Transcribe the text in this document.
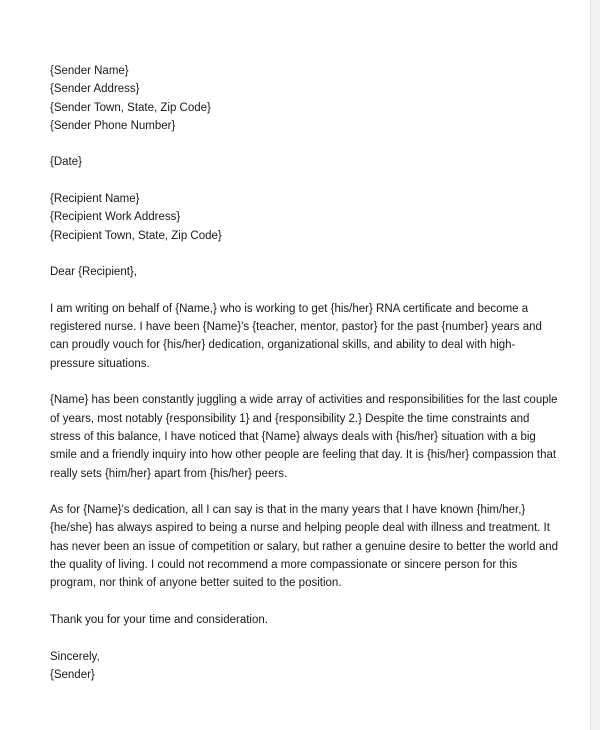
{Sender Name}

{Sender Address}

{Sender Town, State, Zip Code}

{Sender Phone Number}

{Date}

{Recipient Name}

{Recipient Work Address}

{Recipient Town, State, Zip Code}

Dear {Recipient},

I am writing on behalf of {Name,} who is working to get {his/her} RNA certificate and become a registered nurse. I have been {Name}'s {teacher, mentor, pastor} for the past {number} years and can proudly vouch for {his/her} dedication, organizational skills, and ability to deal with high-pressure situations.

{Name} has been constantly juggling a wide array of activities and responsibilities for the last couple of years, most notably {responsibility 1} and {responsibility 2.} Despite the time constraints and stress of this balance, I have noticed that {Name} always deals with {his/her} situation with a big smile and a friendly inquiry into how other people are feeling that day. It is {his/her} compassion that really sets {him/her} apart from {his/her} peers.

As for {Name}'s dedication, all I can say is that in the many years that I have known {him/her,} {he/she} has always aspired to being a nurse and helping people deal with illness and treatment. It has never been an issue of competition or salary, but rather a genuine desire to better the world and the quality of living. I could not recommend a more compassionate or sincere person for this program, nor think of anyone better suited to the position.

Thank you for your time and consideration.

Sincerely,

{Sender}
